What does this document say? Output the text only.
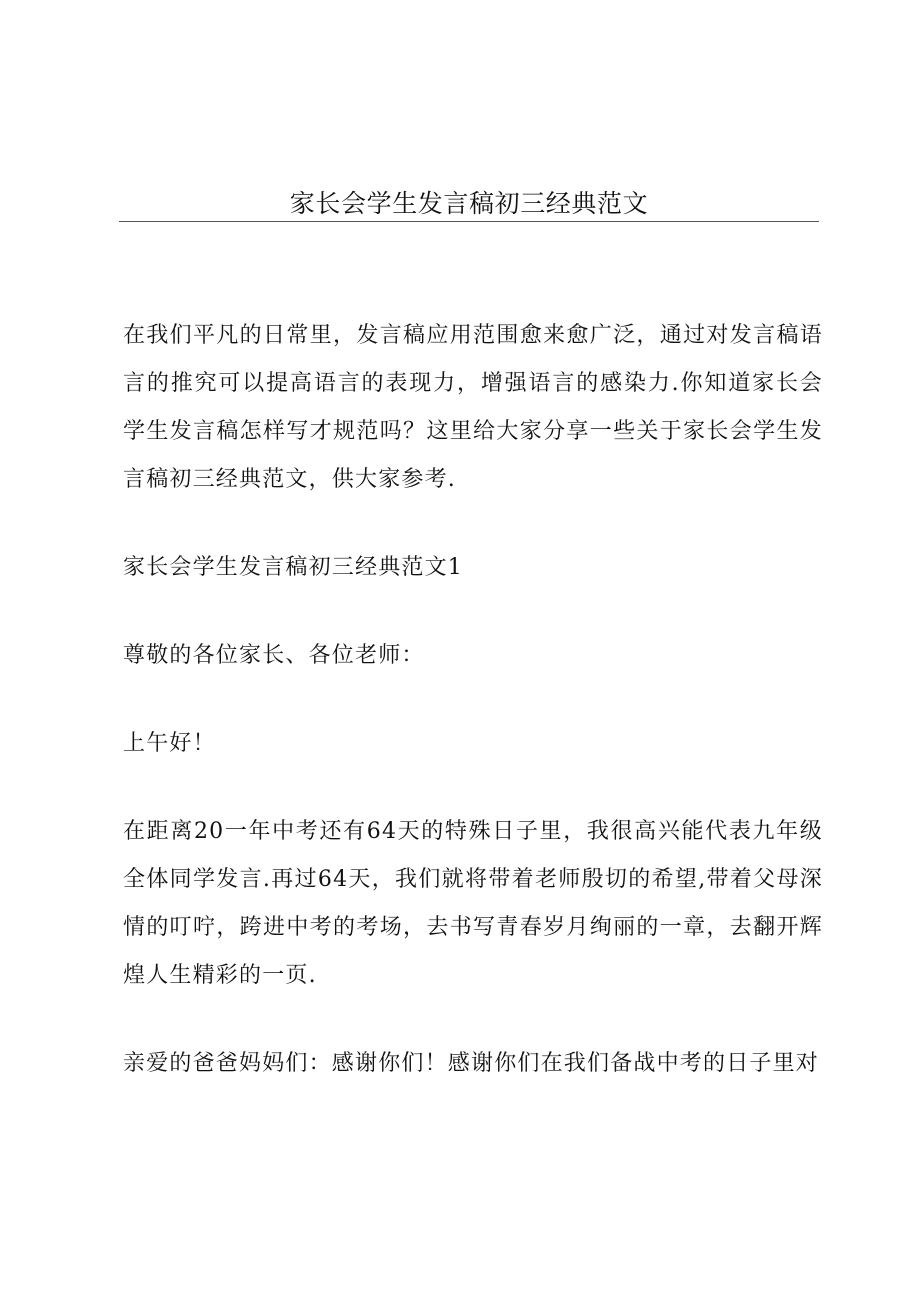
家长会学生发言稿初三经典范文

在我们平凡的日常里，发言稿应用范围愈来愈广泛，通过对发言稿语言的推究可以提高语言的表现力，增强语言的感染力.你知道家长会学生发言稿怎样写才规范吗？这里给大家分享一些关于家长会学生发言稿初三经典范文，供大家参考.

家长会学生发言稿初三经典范文1

尊敬的各位家长、各位老师：

上午好！

在距离20一年中考还有64天的特殊日子里，我很高兴能代表九年级全体同学发言.再过64天，我们就将带着老师殷切的希望,带着父母深情的叮咛，跨进中考的考场，去书写青春岁月绚丽的一章，去翻开辉煌人生精彩的一页.

亲爱的爸爸妈妈们：感谢你们！感谢你们在我们备战中考的日子里对
